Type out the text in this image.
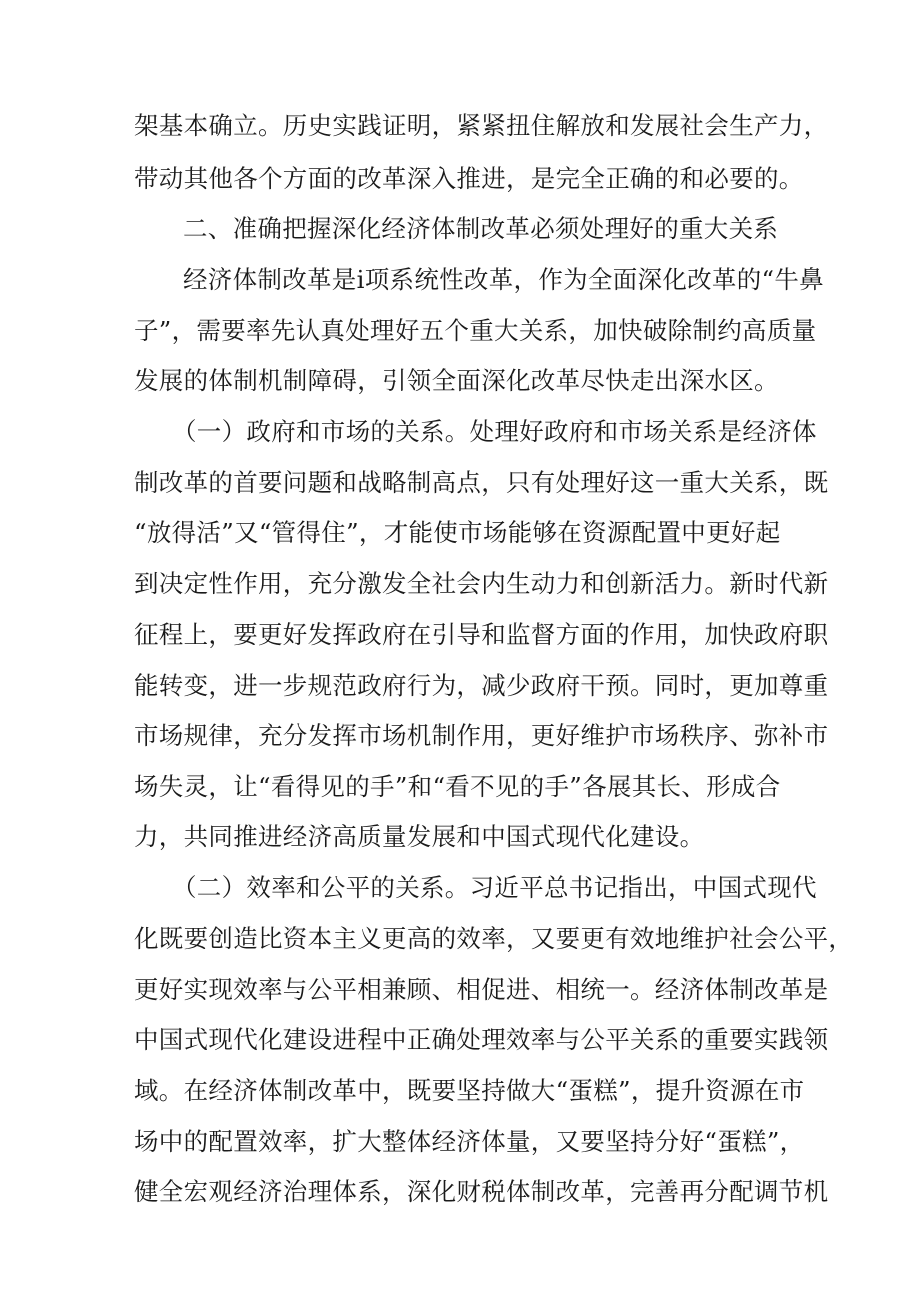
架基本确立。历史实践证明，紧紧扭住解放和发展社会生产力，
带动其他各个方面的改革深入推进，是完全正确的和必要的。
二、准确把握深化经济体制改革必须处理好的重大关系
经济体制改革是i项系统性改革，作为全面深化改革的“牛鼻
子”，需要率先认真处理好五个重大关系，加快破除制约高质量
发展的体制机制障碍，引领全面深化改革尽快走出深水区。
（一）政府和市场的关系。处理好政府和市场关系是经济体
制改革的首要问题和战略制高点，只有处理好这一重大关系，既
“放得活”又“管得住”，才能使市场能够在资源配置中更好起
到决定性作用，充分激发全社会内生动力和创新活力。新时代新
征程上，要更好发挥政府在引导和监督方面的作用，加快政府职
能转变，进一步规范政府行为，减少政府干预。同时，更加尊重
市场规律，充分发挥市场机制作用，更好维护市场秩序、弥补市
场失灵，让“看得见的手”和“看不见的手”各展其长、形成合
力，共同推进经济高质量发展和中国式现代化建设。
（二）效率和公平的关系。习近平总书记指出，中国式现代
化既要创造比资本主义更高的效率，又要更有效地维护社会公平，
更好实现效率与公平相兼顾、相促进、相统一。经济体制改革是
中国式现代化建设进程中正确处理效率与公平关系的重要实践领
域。在经济体制改革中，既要坚持做大“蛋糕”，提升资源在市
场中的配置效率，扩大整体经济体量，又要坚持分好“蛋糕”，
健全宏观经济治理体系，深化财税体制改革，完善再分配调节机
